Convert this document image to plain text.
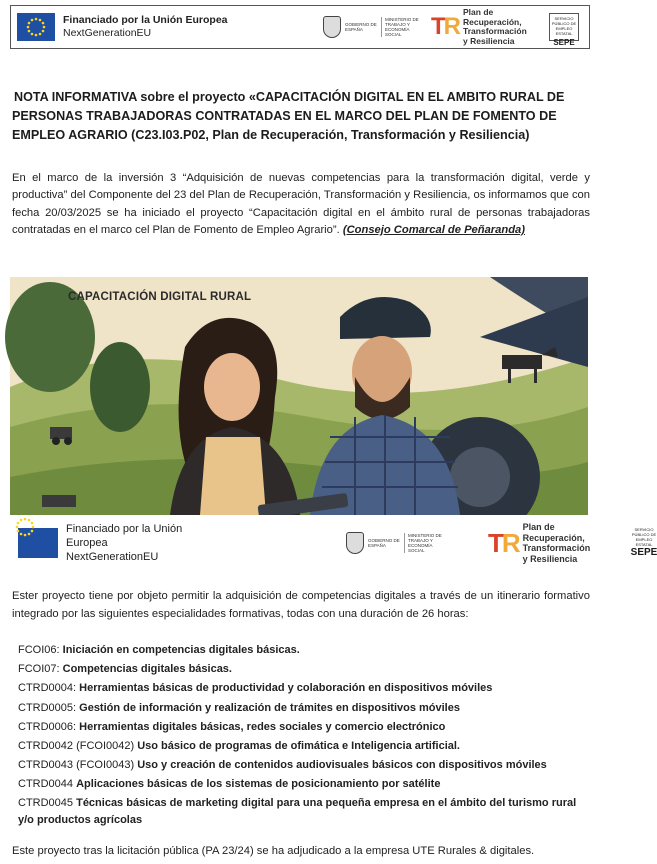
Financiado por la Unión Europea
NextGenerationEU
GOBIERNO DE ESPAÑA
MINISTERIO DE TRABAJO Y ECONOMÍA SOCIAL	TR
Plan de Recuperación,
Transformación
y Resiliencia
SERVICIO PÚBLICO DE EMPLEO ESTATAL
SEPE
NOTA INFORMATIVA sobre el proyecto «CAPACITACIÓN DIGITAL EN EL AMBITO RURAL DE PERSONAS TRABAJADORAS CONTRATADAS EN EL MARCO DEL PLAN DE FOMENTO DE EMPLEO AGRARIO (C23.I03.P02, Plan de Recuperación, Transformación y Resiliencia)
En el marco de la inversión 3 “Adquisición de nuevas competencias para la transformación digital, verde y productiva” del Componente del 23 del Plan de Recuperación, Transformación y Resiliencia, os informamos que con fecha 20/03/2025 se ha iniciado el proyecto “Capacitación digital en el ámbito rural de personas trabajadoras contratadas en el marco cel Plan de Fomento de Empleo Agrario”. (Consejo Comarcal de Peñaranda)
CAPACITACIÓN DIGITAL RURAL
Financiado por la Unión Europea
NextGenerationEU
GOBIERNO DE ESPAÑA
MINISTERIO DE TRABAJO Y ECONOMÍA SOCIAL	TR
Plan de Recuperación,
Transformación
y Resiliencia
SERVICIO PÚBLICO DE EMPLEO ESTATAL
SEPE
Ester proyecto tiene por objeto permitir la adquisición de competencias digitales a través de un itinerario formativo integrado por las siguientes especialidades formativas, todas con una duración de 26 horas:
FCOI06: Iniciación en competencias digitales básicas.
FCOI07: Competencias digitales básicas.
CTRD0004: Herramientas básicas de productividad y colaboración en dispositivos móviles
CTRD0005: Gestión de información y realización de trámites en dispositivos móviles
CTRD0006: Herramientas digitales básicas, redes sociales y comercio electrónico
CTRD0042 (FCOI0042) Uso básico de programas de ofimática e Inteligencia artificial.
CTRD0043 (FCOI0043) Uso y creación de contenidos audiovisuales básicos con dispositivos móviles
CTRD0044 Aplicaciones básicas de los sistemas de posicionamiento por satélite
CTRD0045 Técnicas básicas de marketing digital para una pequeña empresa en el ámbito del turismo rural y/o productos agrícolas
Este proyecto tras la licitación pública (PA 23/24) se ha adjudicado a la empresa UTE Rurales & digitales.
